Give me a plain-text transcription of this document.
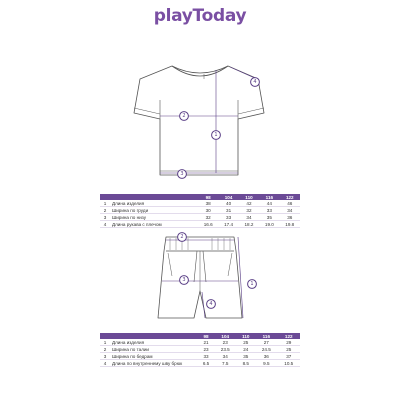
playToday
1
2
3
4
1
2
3
4
		98	104	110	116	122
1	Длина изделия	38	40	42	44	46
2	Ширина по груди	30	31	32	33	34
3	Ширина по низу	32	33	34	35	36
4	Длина рукава с плечом	16.6	17.4	18.2	19.0	19.8
		98	104	110	116	122
1	Длина изделия	21	23	25	27	29
2	Ширина по талии	23	23.5	24	24.5	25
3	Ширина по бедрам	33	34	35	36	37
4	Длина по внутреннему шву брюк	6.5	7.5	8.5	9.5	10.5
